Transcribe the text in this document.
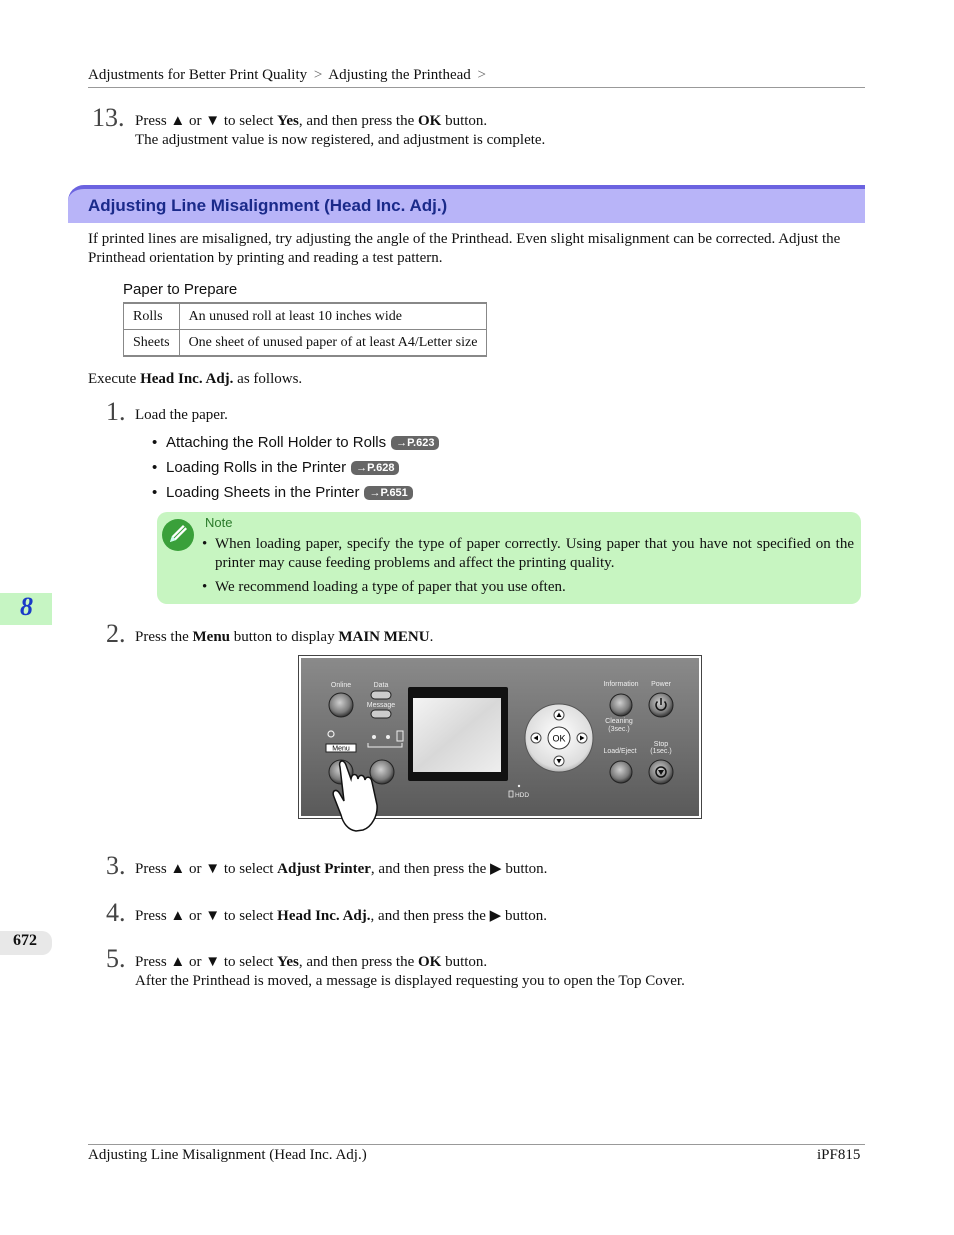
Adjustments for Better Print Quality > Adjusting the Printhead >
13. Press ▲ or ▼ to select Yes, and then press the OK button.
The adjustment value is now registered, and adjustment is complete.
Adjusting Line Misalignment (Head Inc. Adj.)
If printed lines are misaligned, try adjusting the angle of the Printhead. Even slight misalignment can be corrected. Adjust the Printhead orientation by printing and reading a test pattern.
Paper to Prepare
Rolls	An unused roll at least 10 inches wide
Sheets	One sheet of unused paper of at least A4/Letter size
Execute Head Inc. Adj. as follows.
1. Load the paper.
• Attaching the Roll Holder to Rolls →P.623
• Loading Rolls in the Printer →P.628
• Loading Sheets in the Printer →P.651
Note
• When loading paper, specify the type of paper correctly. Using paper that you have not specified on the printer may cause feeding problems and affect the printing quality.
• We recommend loading a type of paper that you use often.
8
2. Press the Menu button to display MAIN MENU.
Online	Data
Message
Menu
OK
Information
Cleaning
(3sec.)
Power
Load/Eject
Stop
(1sec.)
HDD
3. Press ▲ or ▼ to select Adjust Printer, and then press the ▶ button.
4. Press ▲ or ▼ to select Head Inc. Adj., and then press the ▶ button.
672
5. Press ▲ or ▼ to select Yes, and then press the OK button.
After the Printhead is moved, a message is displayed requesting you to open the Top Cover.
Adjusting Line Misalignment (Head Inc. Adj.)	iPF815
